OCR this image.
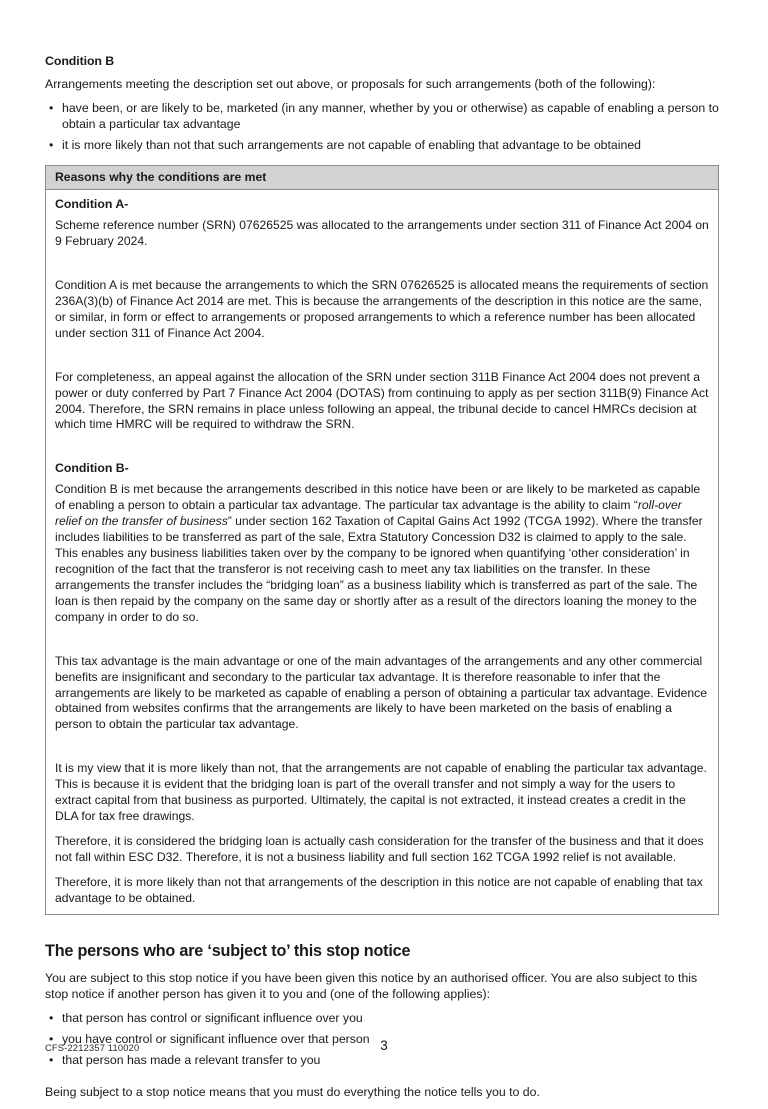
Condition B

Arrangements meeting the description set out above, or proposals for such arrangements (both of the following):

• have been, or are likely to be, marketed (in any manner, whether by you or otherwise) as capable of enabling a person to obtain a particular tax advantage
• it is more likely than not that such arrangements are not capable of enabling that advantage to be obtained
Reasons why the conditions are met
Condition A-

Scheme reference number (SRN) 07626525 was allocated to the arrangements under section 311 of Finance Act 2004 on 9 February 2024.

Condition A is met because the arrangements to which the SRN 07626525 is allocated means the requirements of section 236A(3)(b) of Finance Act 2014 are met. This is because the arrangements of the description in this notice are the same, or similar, in form or effect to arrangements or proposed arrangements to which a reference number has been allocated under section 311 of Finance Act 2004.

For completeness, an appeal against the allocation of the SRN under section 311B Finance Act 2004 does not prevent a power or duty conferred by Part 7 Finance Act 2004 (DOTAS) from continuing to apply as per section 311B(9) Finance Act 2004. Therefore, the SRN remains in place unless following an appeal, the tribunal decide to cancel HMRCs decision at which time HMRC will be required to withdraw the SRN.

Condition B-

Condition B is met because the arrangements described in this notice have been or are likely to be marketed as capable of enabling a person to obtain a particular tax advantage. The particular tax advantage is the ability to claim “roll-over relief on the transfer of business” under section 162 Taxation of Capital Gains Act 1992 (TCGA 1992). Where the transfer includes liabilities to be transferred as part of the sale, Extra Statutory Concession D32 is claimed to apply to the sale. This enables any business liabilities taken over by the company to be ignored when quantifying ‘other consideration’ in recognition of the fact that the transferor is not receiving cash to meet any tax liabilities on the transfer. In these arrangements the transfer includes the “bridging loan” as a business liability which is transferred as part of the sale. The loan is then repaid by the company on the same day or shortly after as a result of the directors loaning the money to the company in order to do so.

This tax advantage is the main advantage or one of the main advantages of the arrangements and any other commercial benefits are insignificant and secondary to the particular tax advantage. It is therefore reasonable to infer that the arrangements are likely to be marketed as capable of enabling a person of obtaining a particular tax advantage. Evidence obtained from websites confirms that the arrangements are likely to have been marketed on the basis of enabling a person to obtain the particular tax advantage.

It is my view that it is more likely than not, that the arrangements are not capable of enabling the particular tax advantage. This is because it is evident that the bridging loan is part of the overall transfer and not simply a way for the users to extract capital from that business as purported. Ultimately, the capital is not extracted, it instead creates a credit in the DLA for tax free drawings.

Therefore, it is considered the bridging loan is actually cash consideration for the transfer of the business and that it does not fall within ESC D32. Therefore, it is not a business liability and full section 162 TCGA 1992 relief is not available.

Therefore, it is more likely than not that arrangements of the description in this notice are not capable of enabling that tax advantage to be obtained.

The persons who are ‘subject to’ this stop notice

You are subject to this stop notice if you have been given this notice by an authorised officer. You are also subject to this stop notice if another person has given it to you and (one of the following applies):

• that person has control or significant influence over you
• you have control or significant influence over that person
• that person has made a relevant transfer to you

Being subject to a stop notice means that you must do everything the notice tells you to do.

CFS-2212357 110020	3
